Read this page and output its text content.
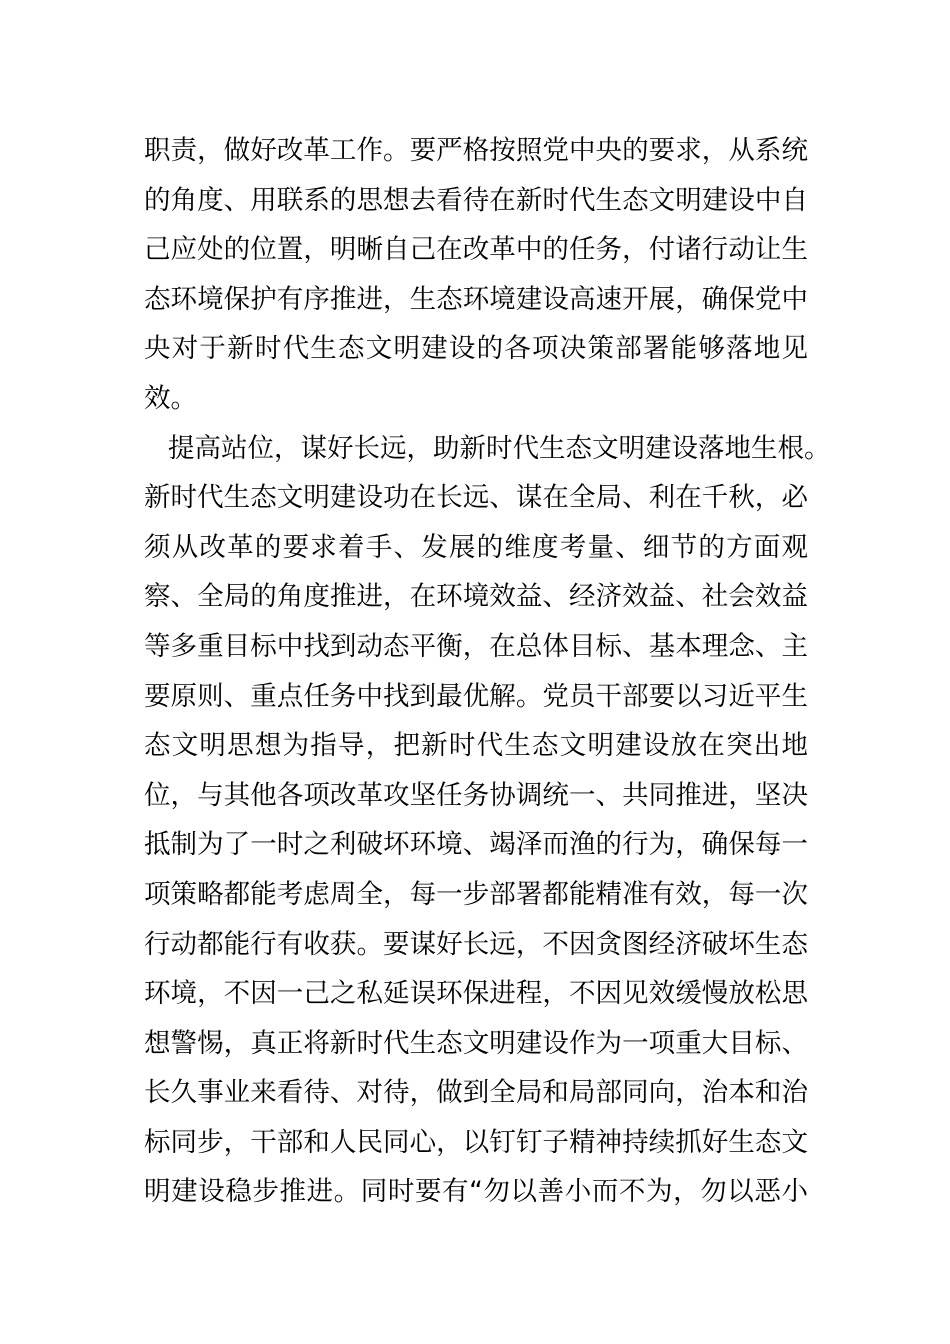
职责，做好改革工作。要严格按照党中央的要求，从系统
的角度、用联系的思想去看待在新时代生态文明建设中自
己应处的位置，明晰自己在改革中的任务，付诸行动让生
态环境保护有序推进，生态环境建设高速开展，确保党中
央对于新时代生态文明建设的各项决策部署能够落地见
效。
提高站位，谋好长远，助新时代生态文明建设落地生根。
新时代生态文明建设功在长远、谋在全局、利在千秋，必
须从改革的要求着手、发展的维度考量、细节的方面观
察、全局的角度推进，在环境效益、经济效益、社会效益
等多重目标中找到动态平衡，在总体目标、基本理念、主
要原则、重点任务中找到最优解。党员干部要以习近平生
态文明思想为指导，把新时代生态文明建设放在突出地
位，与其他各项改革攻坚任务协调统一、共同推进，坚决
抵制为了一时之利破坏环境、竭泽而渔的行为，确保每一
项策略都能考虑周全，每一步部署都能精准有效，每一次
行动都能行有收获。要谋好长远，不因贪图经济破坏生态
环境，不因一己之私延误环保进程，不因见效缓慢放松思
想警惕，真正将新时代生态文明建设作为一项重大目标、
长久事业来看待、对待，做到全局和局部同向，治本和治
标同步，干部和人民同心，以钉钉子精神持续抓好生态文
明建设稳步推进。同时要有“勿以善小而不为，勿以恶小
